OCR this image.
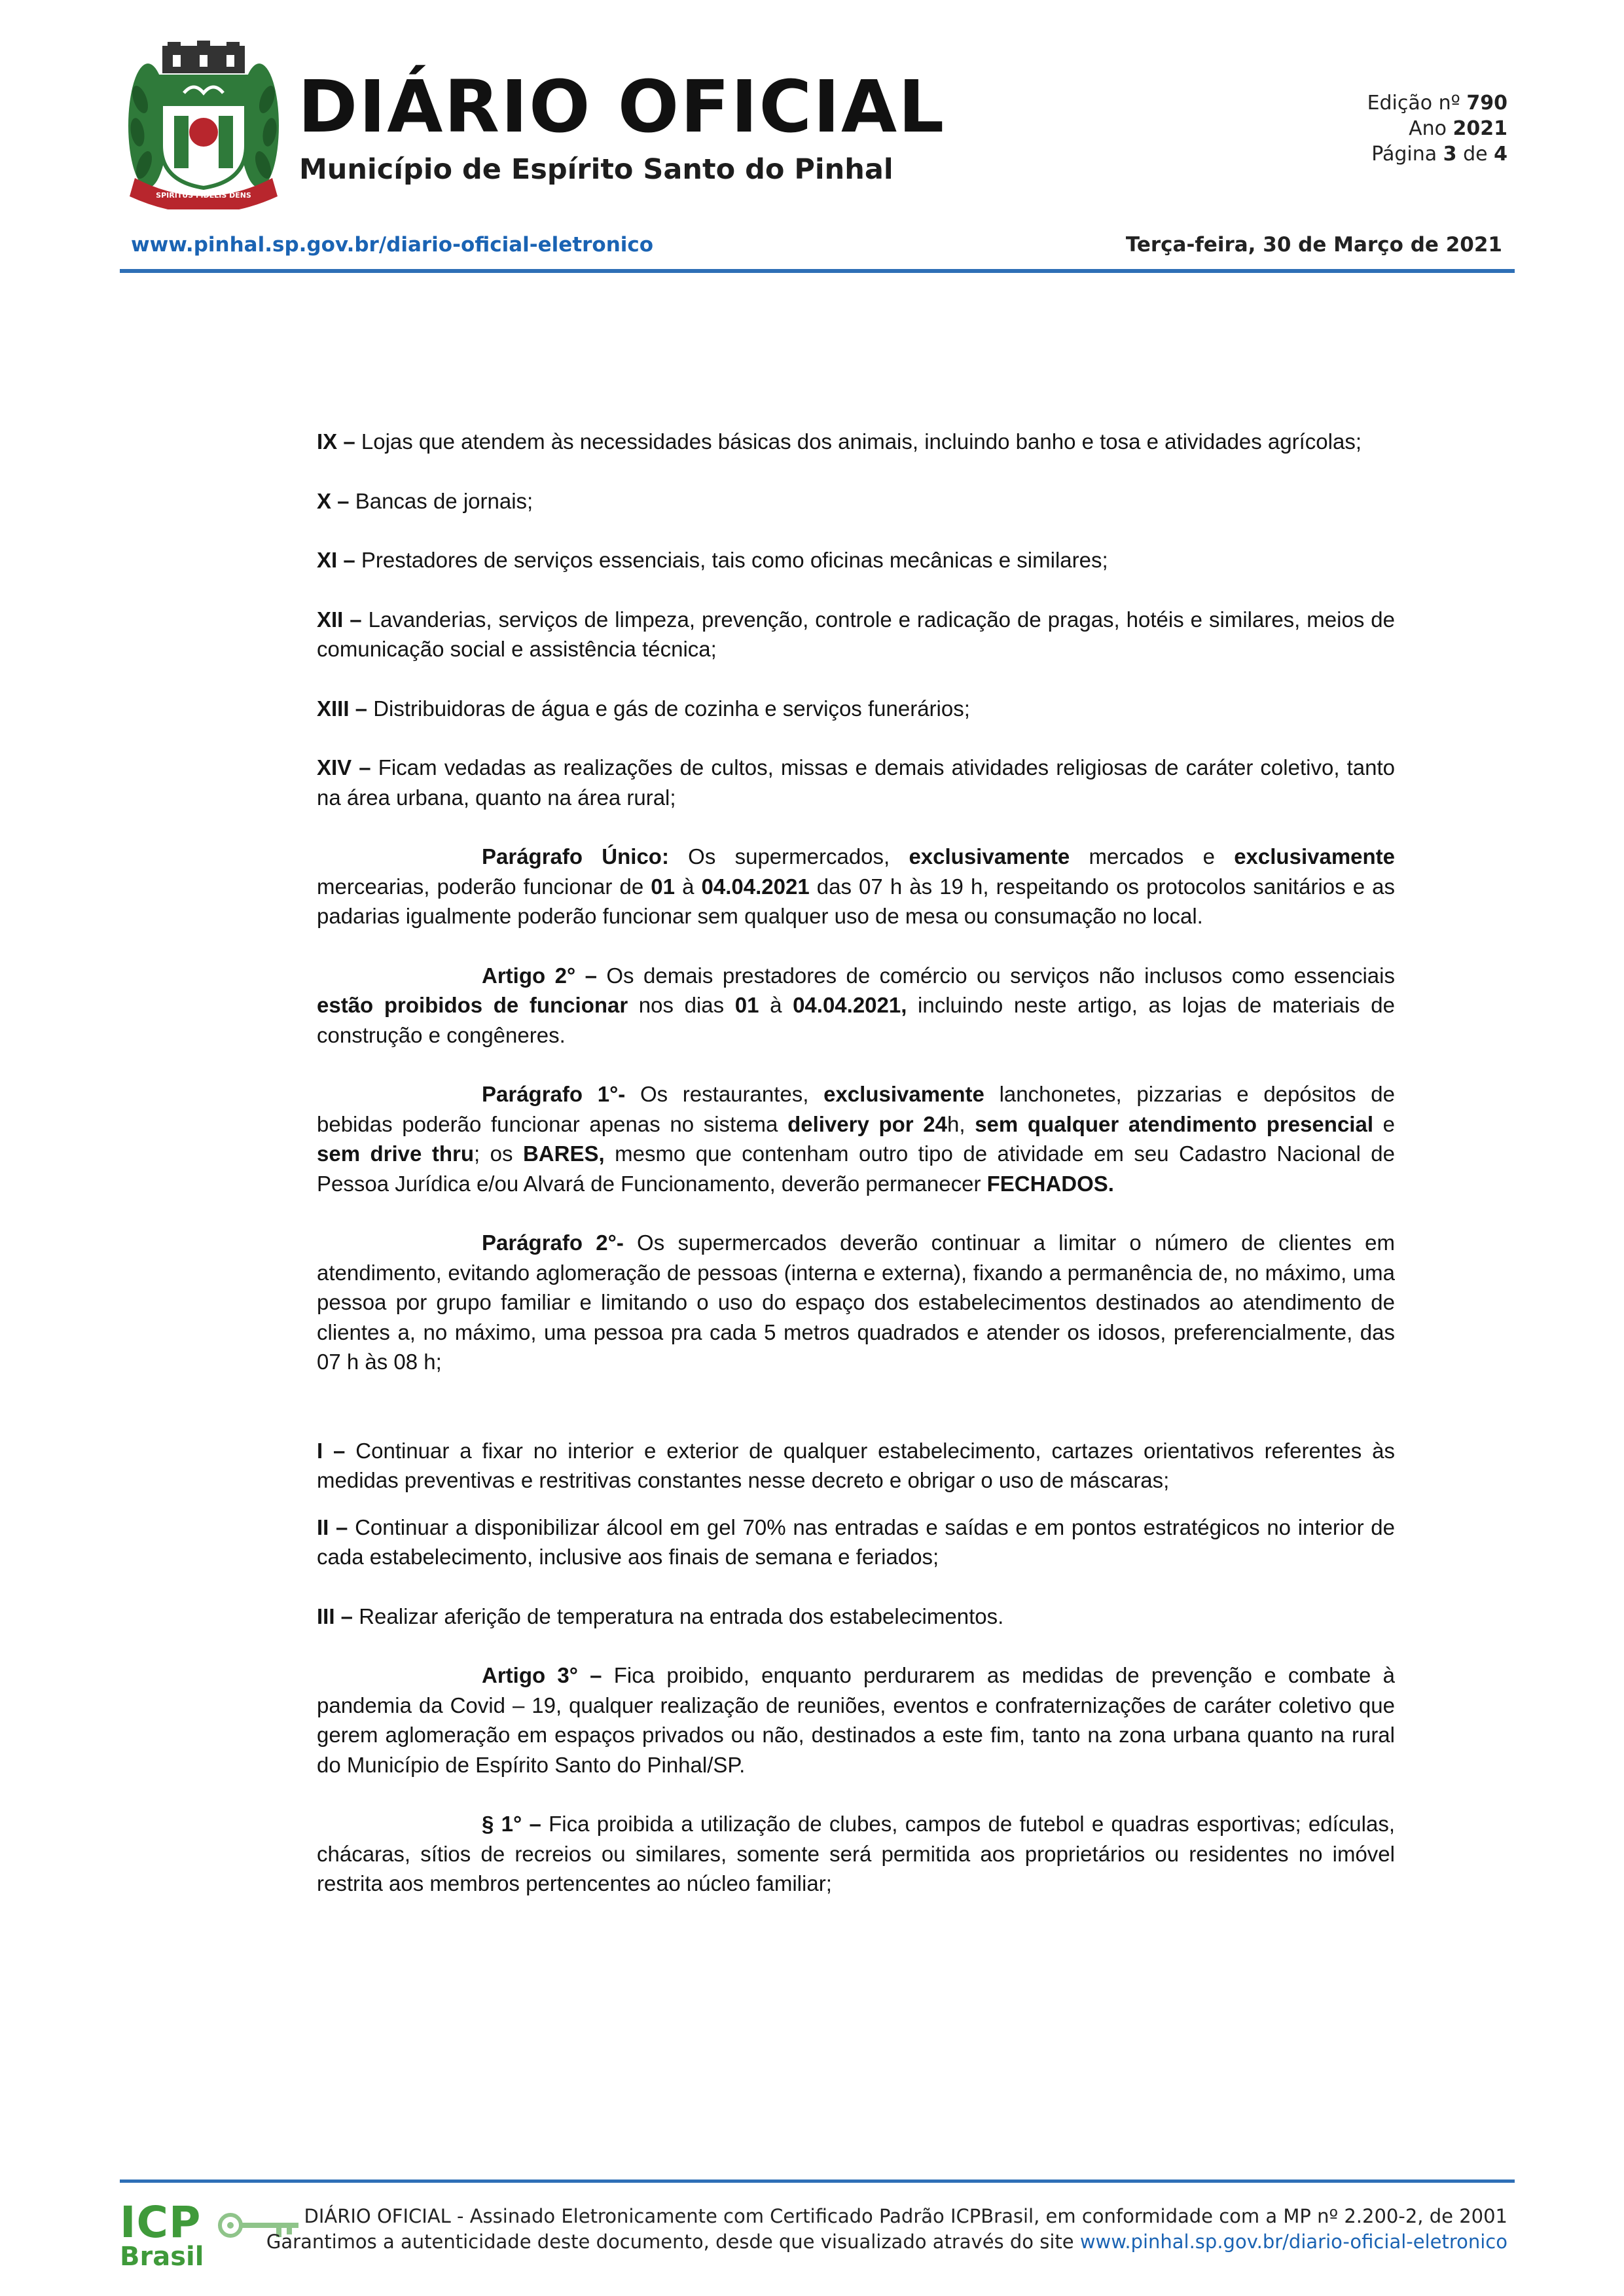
SPIRITUS FIDELIS DENS
DIÁRIO OFICIAL
Município de Espírito Santo do Pinhal
Edição nº 790
Ano 2021
Página 3 de 4
www.pinhal.sp.gov.br/diario-oficial-eletronico	Terça-feira, 30 de Março de 2021

IX – Lojas que atendem às necessidades básicas dos animais, incluindo banho e tosa e atividades agrícolas;

X – Bancas de jornais;

XI – Prestadores de serviços essenciais, tais como oficinas mecânicas e similares;

XII – Lavanderias, serviços de limpeza, prevenção, controle e radicação de pragas, hotéis e similares, meios de comunicação social e assistência técnica;

XIII – Distribuidoras de água e gás de cozinha e serviços funerários;

XIV – Ficam vedadas as realizações de cultos, missas e demais atividades religiosas de caráter coletivo, tanto na área urbana, quanto na área rural;

Parágrafo Único: Os supermercados, exclusivamente mercados e exclusivamente mercearias, poderão funcionar de 01 à 04.04.2021 das 07 h às 19 h, respeitando os protocolos sanitários e as padarias igualmente poderão funcionar sem qualquer uso de mesa ou consumação no local.

Artigo 2° – Os demais prestadores de comércio ou serviços não inclusos como essenciais estão proibidos de funcionar nos dias 01 à 04.04.2021, incluindo neste artigo, as lojas de materiais de construção e congêneres.

Parágrafo 1°- Os restaurantes, exclusivamente lanchonetes, pizzarias e depósitos de bebidas poderão funcionar apenas no sistema delivery por 24h, sem qualquer atendimento presencial e sem drive thru; os BARES, mesmo que contenham outro tipo de atividade em seu Cadastro Nacional de Pessoa Jurídica e/ou Alvará de Funcionamento, deverão permanecer FECHADOS.

Parágrafo 2°- Os supermercados deverão continuar a limitar o número de clientes em atendimento, evitando aglomeração de pessoas (interna e externa), fixando a permanência de, no máximo, uma pessoa por grupo familiar e limitando o uso do espaço dos estabelecimentos destinados ao atendimento de clientes a, no máximo, uma pessoa pra cada 5 metros quadrados e atender os idosos, preferencialmente, das 07 h às 08 h;

I – Continuar a fixar no interior e exterior de qualquer estabelecimento, cartazes orientativos referentes às medidas preventivas e restritivas constantes nesse decreto e obrigar o uso de máscaras;

II – Continuar a disponibilizar álcool em gel 70% nas entradas e saídas e em pontos estratégicos no interior de cada estabelecimento, inclusive aos finais de semana e feriados;

III – Realizar aferição de temperatura na entrada dos estabelecimentos.

Artigo 3° – Fica proibido, enquanto perdurarem as medidas de prevenção e combate à pandemia da Covid – 19, qualquer realização de reuniões, eventos e confraternizações de caráter coletivo que gerem aglomeração em espaços privados ou não, destinados a este fim, tanto na zona urbana quanto na rural do Município de Espírito Santo do Pinhal/SP.

§ 1° – Fica proibida a utilização de clubes, campos de futebol e quadras esportivas; edículas, chácaras, sítios de recreios ou similares, somente será permitida aos proprietários ou residentes no imóvel restrita aos membros pertencentes ao núcleo familiar;

ICP
Brasil
DIÁRIO OFICIAL - Assinado Eletronicamente com Certificado Padrão ICPBrasil, em conformidade com a MP nº 2.200-2, de 2001
Garantimos a autenticidade deste documento, desde que visualizado através do site www.pinhal.sp.gov.br/diario-oficial-eletronico
